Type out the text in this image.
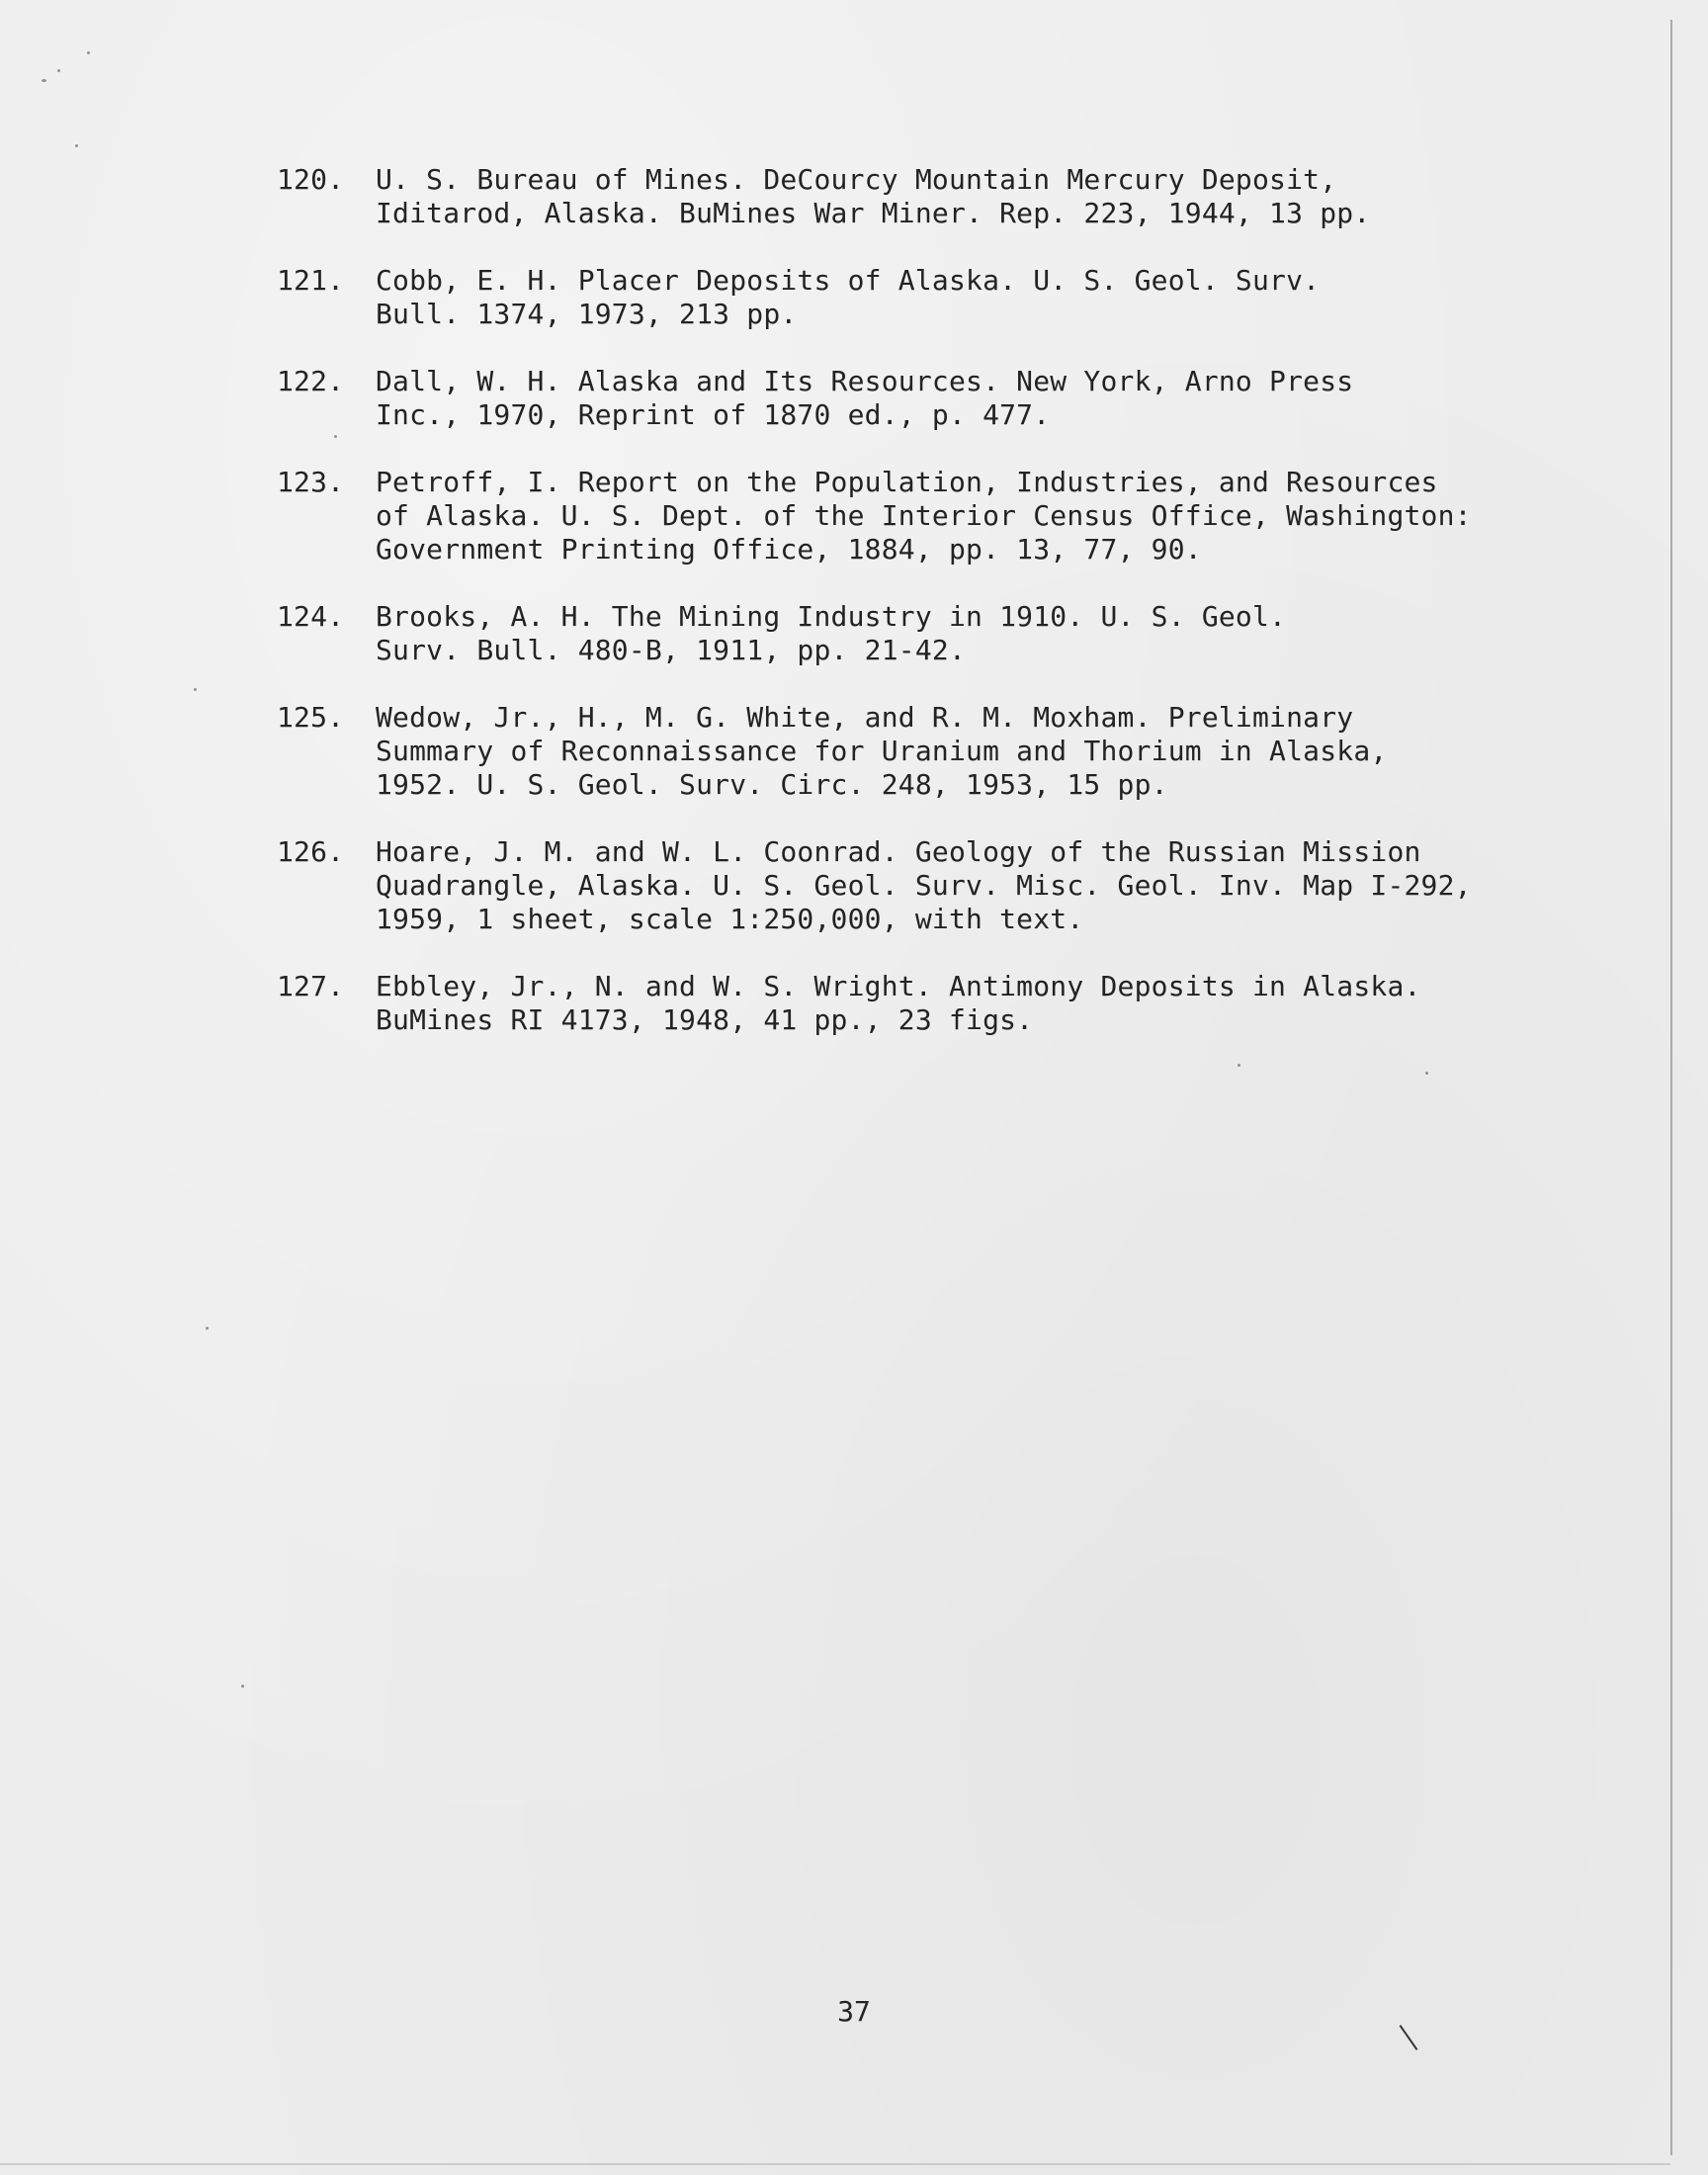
120.	U. S. Bureau of Mines. DeCourcy Mountain Mercury Deposit,
Iditarod, Alaska. BuMines War Miner. Rep. 223, 1944, 13 pp.
121.	Cobb, E. H. Placer Deposits of Alaska. U. S. Geol. Surv.
Bull. 1374, 1973, 213 pp.
122.	Dall, W. H. Alaska and Its Resources. New York, Arno Press
Inc., 1970, Reprint of 1870 ed., p. 477.
123.	Petroff, I. Report on the Population, Industries, and Resources
of Alaska. U. S. Dept. of the Interior Census Office, Washington:
Government Printing Office, 1884, pp. 13, 77, 90.
124.	Brooks, A. H. The Mining Industry in 1910. U. S. Geol.
Surv. Bull. 480-B, 1911, pp. 21-42.
125.	Wedow, Jr., H., M. G. White, and R. M. Moxham. Preliminary
Summary of Reconnaissance for Uranium and Thorium in Alaska,
1952. U. S. Geol. Surv. Circ. 248, 1953, 15 pp.
126.	Hoare, J. M. and W. L. Coonrad. Geology of the Russian Mission
Quadrangle, Alaska. U. S. Geol. Surv. Misc. Geol. Inv. Map I-292,
1959, 1 sheet, scale 1:250,000, with text.
127.	Ebbley, Jr., N. and W. S. Wright. Antimony Deposits in Alaska.
BuMines RI 4173, 1948, 41 pp., 23 figs.
37
